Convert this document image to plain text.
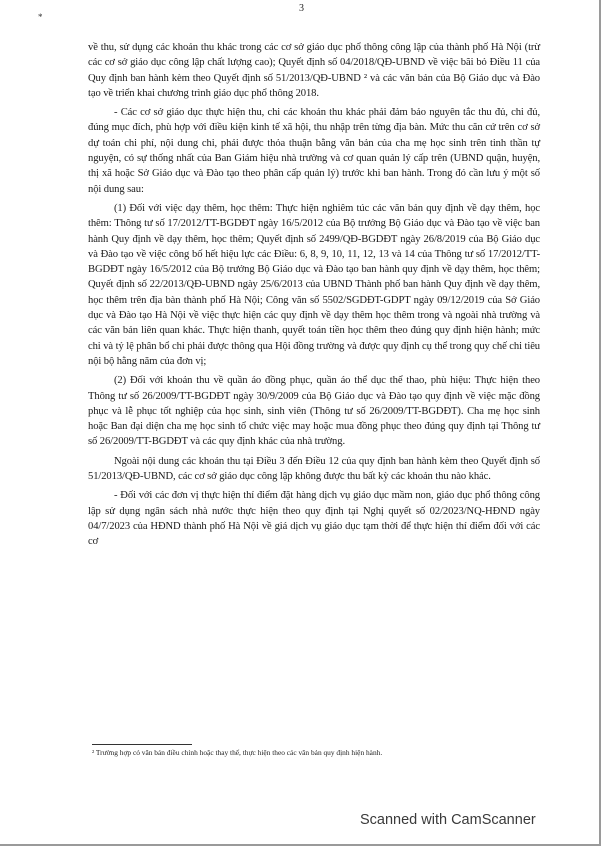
*
3

về thu, sử dụng các khoản thu khác trong các cơ sở giáo dục phổ thông công lập của thành phố Hà Nội (trừ các cơ sở giáo dục công lập chất lượng cao); Quyết định số 04/2018/QĐ-UBND về việc bãi bỏ Điều 11 của Quy định ban hành kèm theo Quyết định số 51/2013/QĐ-UBND ² và các văn bản của Bộ Giáo dục và Đào tạo về triển khai chương trình giáo dục phổ thông 2018.

- Các cơ sở giáo dục thực hiện thu, chi các khoản thu khác phải đảm bảo nguyên tắc thu đủ, chi đủ, đúng mục đích, phù hợp với điều kiện kinh tế xã hội, thu nhập trên từng địa bàn. Mức thu căn cứ trên cơ sở dự toán chi phí, nội dung chi, phải được thỏa thuận bằng văn bản của cha mẹ học sinh trên tinh thần tự nguyện, có sự thống nhất của Ban Giám hiệu nhà trường và cơ quan quản lý cấp trên (UBND quận, huyện, thị xã hoặc Sở Giáo dục và Đào tạo theo phân cấp quản lý) trước khi ban hành. Trong đó cần lưu ý một số nội dung sau:

(1) Đối với việc dạy thêm, học thêm: Thực hiện nghiêm túc các văn bản quy định về dạy thêm, học thêm: Thông tư số 17/2012/TT-BGDĐT ngày 16/5/2012 của Bộ trưởng Bộ Giáo dục và Đào tạo về việc ban hành Quy định về dạy thêm, học thêm; Quyết định số 2499/QĐ-BGDĐT ngày 26/8/2019 của Bộ Giáo dục và Đào tạo về việc công bố hết hiệu lực các Điều: 6, 8, 9, 10, 11, 12, 13 và 14 của Thông tư số 17/2012/TT-BGDĐT ngày 16/5/2012 của Bộ trưởng Bộ Giáo dục và Đào tạo ban hành quy định về dạy thêm, học thêm; Quyết định số 22/2013/QĐ-UBND ngày 25/6/2013 của UBND Thành phố ban hành Quy định về dạy thêm, học thêm trên địa bàn thành phố Hà Nội; Công văn số 5502/SGDĐT-GDPT ngày 09/12/2019 của Sở Giáo dục và Đào tạo Hà Nội về việc thực hiện các quy định về dạy thêm học thêm trong và ngoài nhà trường và các văn bản liên quan khác. Thực hiện thanh, quyết toán tiền học thêm theo đúng quy định hiện hành; mức chi và tỷ lệ phân bổ chi phải được thông qua Hội đồng trường và được quy định cụ thể trong quy chế chi tiêu nội bộ hằng năm của đơn vị;

(2) Đối với khoản thu về quần áo đồng phục, quần áo thể dục thể thao, phù hiệu: Thực hiện theo Thông tư số 26/2009/TT-BGDĐT ngày 30/9/2009 của Bộ Giáo dục và Đào tạo quy định về việc mặc đồng phục và lễ phục tốt nghiệp của học sinh, sinh viên (Thông tư số 26/2009/TT-BGDĐT). Cha mẹ học sinh hoặc Ban đại diện cha mẹ học sinh tổ chức việc may hoặc mua đồng phục theo đúng quy định tại Thông tư số 26/2009/TT-BGDĐT và các quy định khác của nhà trường.

Ngoài nội dung các khoản thu tại Điều 3 đến Điều 12 của quy định ban hành kèm theo Quyết định số 51/2013/QĐ-UBND, các cơ sở giáo dục công lập không được thu bất kỳ các khoản thu nào khác.

- Đối với các đơn vị thực hiện thí điểm đặt hàng dịch vụ giáo dục mầm non, giáo dục phổ thông công lập sử dụng ngân sách nhà nước thực hiện theo quy định tại Nghị quyết số 02/2023/NQ-HĐND ngày 04/7/2023 của HĐND thành phố Hà Nội về giá dịch vụ giáo dục tạm thời để thực hiện thí điểm đối với các cơ

² Trường hợp có văn bản điều chỉnh hoặc thay thế, thực hiện theo các văn bản quy định hiện hành.
Scanned with CamScanner
